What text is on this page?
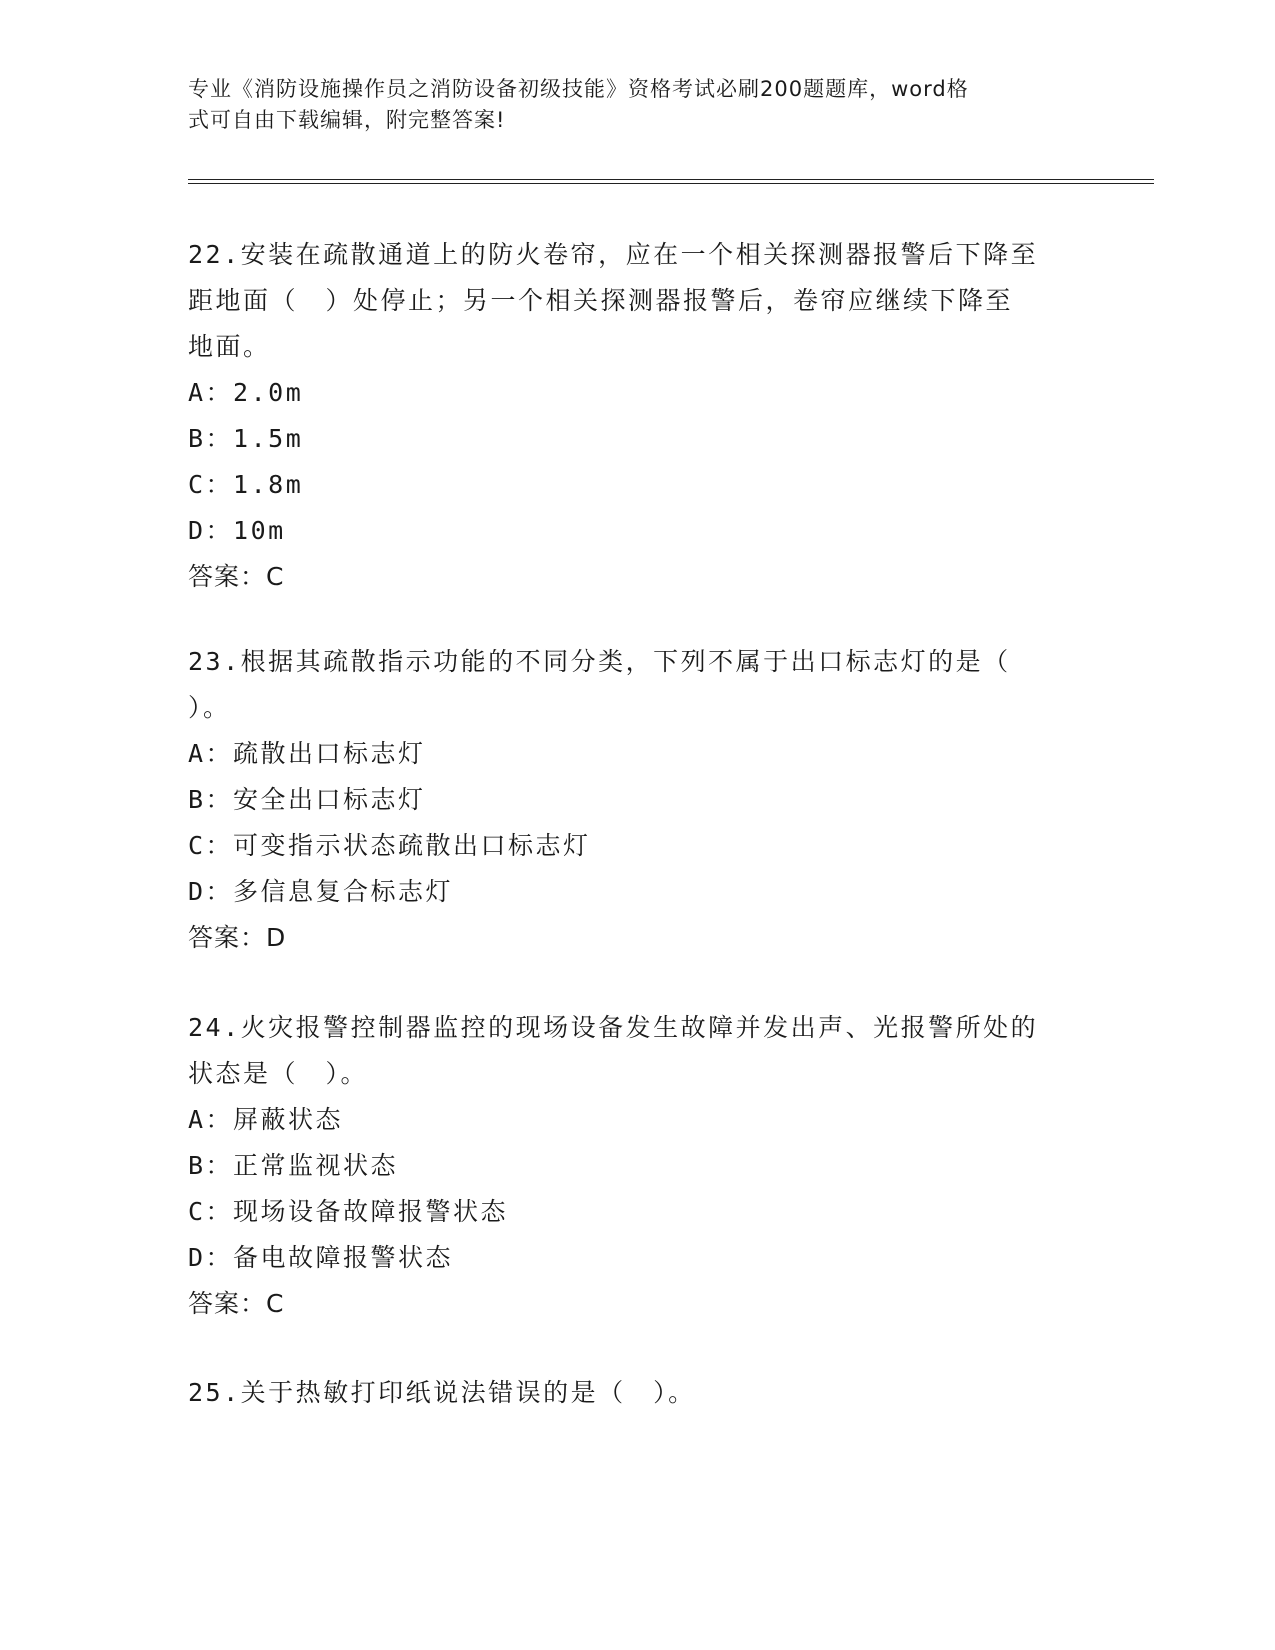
专业《消防设施操作员之消防设备初级技能》资格考试必刷200题题库，word格

式可自由下载编辑，附完整答案!

22.安装在疏散通道上的防火卷帘，应在一个相关探测器报警后下降至

距地面（　）处停止；另一个相关探测器报警后，卷帘应继续下降至

地面。

A：2.0m

B：1.5m

C：1.8m

D：10m

答案：C

23.根据其疏散指示功能的不同分类，下列不属于出口标志灯的是（

）。

A：疏散出口标志灯

B：安全出口标志灯

C：可变指示状态疏散出口标志灯

D：多信息复合标志灯

答案：D

24.火灾报警控制器监控的现场设备发生故障并发出声、光报警所处的

状态是（　）。

A：屏蔽状态

B：正常监视状态

C：现场设备故障报警状态

D：备电故障报警状态

答案：C

25.关于热敏打印纸说法错误的是（　）。
